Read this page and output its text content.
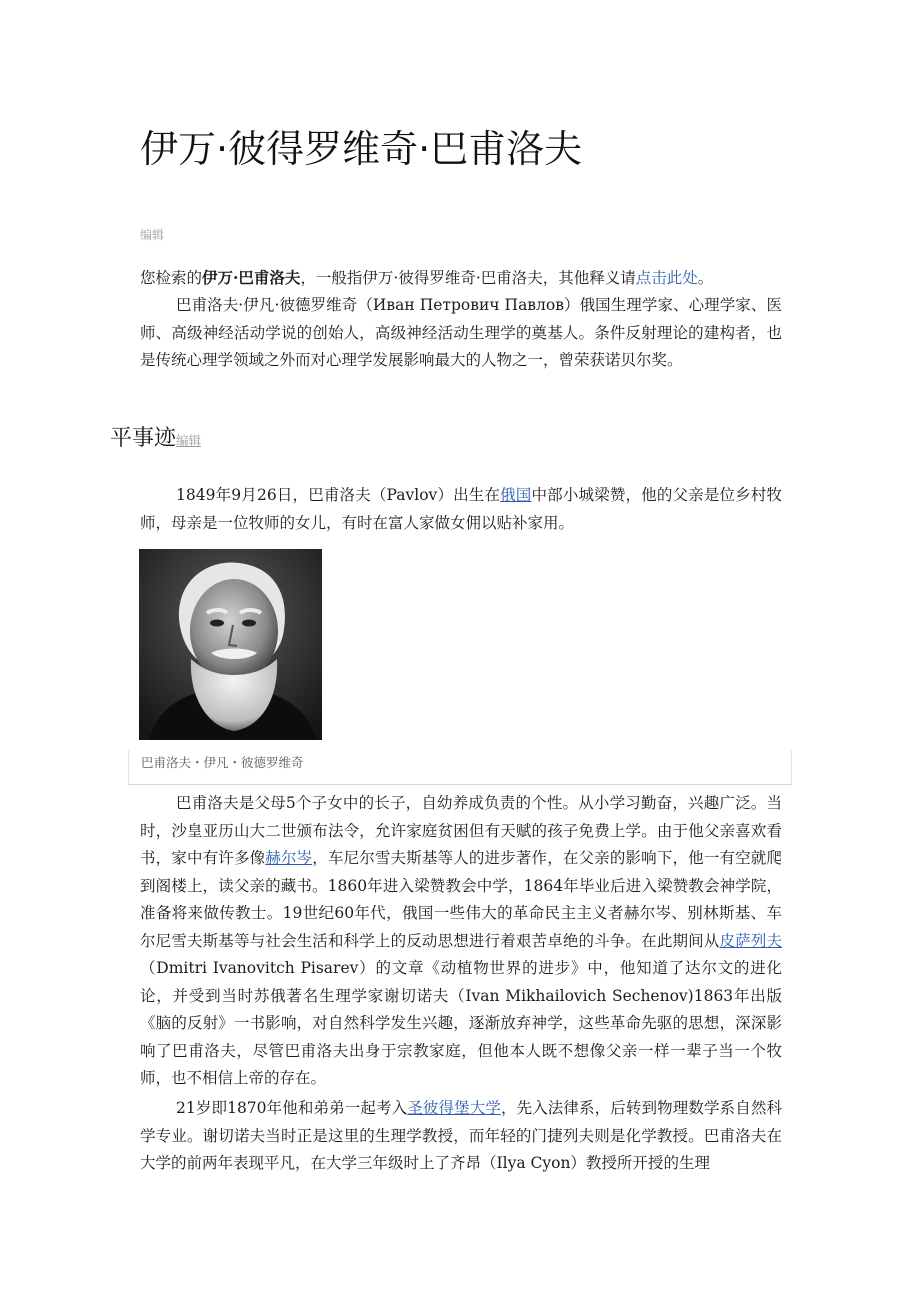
伊万·彼得罗维奇·巴甫洛夫
编辑

您检索的伊万·巴甫洛夫，一般指伊万·彼得罗维奇·巴甫洛夫，其他释义请点击此处。

巴甫洛夫·伊凡·彼德罗维奇（Иван Петрович Павлов）俄国生理学家、心理学家、医师、高级神经活动学说的创始人，高级神经活动生理学的奠基人。条件反射理论的建构者，也是传统心理学领域之外而对心理学发展影响最大的人物之一，曾荣获诺贝尔奖。

平事迹编辑

1849年9月26日，巴甫洛夫（Pavlov）出生在俄国中部小城梁赞，他的父亲是位乡村牧师，母亲是一位牧师的女儿，有时在富人家做女佣以贴补家用。

巴甫洛夫・伊凡・彼德罗维奇

巴甫洛夫是父母5个子女中的长子，自幼养成负责的个性。从小学习勤奋，兴趣广泛。当时，沙皇亚历山大二世颁布法令，允许家庭贫困但有天赋的孩子免费上学。由于他父亲喜欢看书，家中有许多像赫尔岑，车尼尔雪夫斯基等人的进步著作，在父亲的影响下，他一有空就爬到阁楼上，读父亲的藏书。1860年进入梁赞教会中学，1864年毕业后进入梁赞教会神学院，准备将来做传教士。19世纪60年代，俄国一些伟大的革命民主主义者赫尔岑、别林斯基、车尔尼雪夫斯基等与社会生活和科学上的反动思想进行着艰苦卓绝的斗争。在此期间从皮萨列夫（Dmitri Ivanovitch Pisarev）的文章《动植物世界的进步》中，他知道了达尔文的进化论，并受到当时苏俄著名生理学家谢切诺夫（Ivan Mikhailovich Sechenov)1863年出版《脑的反射》一书影响，对自然科学发生兴趣，逐渐放弃神学，这些革命先驱的思想，深深影响了巴甫洛夫，尽管巴甫洛夫出身于宗教家庭，但他本人既不想像父亲一样一辈子当一个牧师，也不相信上帝的存在。

21岁即1870年他和弟弟一起考入圣彼得堡大学，先入法律系，后转到物理数学系自然科学专业。谢切诺夫当时正是这里的生理学教授，而年轻的门捷列夫则是化学教授。巴甫洛夫在大学的前两年表现平凡，在大学三年级时上了齐昂（Ilya Cyon）教授所开授的生理
